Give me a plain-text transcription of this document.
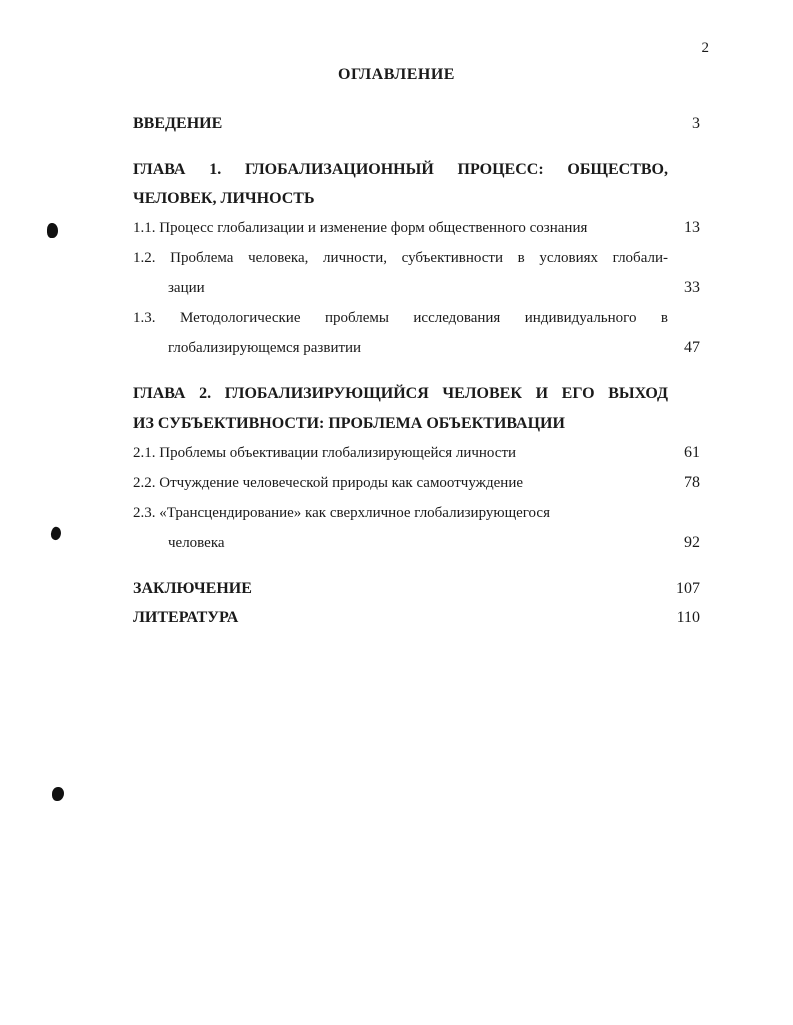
2
ОГЛАВЛЕНИЕ
ВВЕДЕНИЕ	3
ГЛАВА 1. ГЛОБАЛИЗАЦИОННЫЙ ПРОЦЕСС: ОБЩЕСТВО,
ЧЕЛОВЕК, ЛИЧНОСТЬ
1.1. Процесс глобализации и изменение форм общественного сознания	13
1.2. Проблема человека, личности, субъективности в условиях глобали-
зации	33
1.3. Методологические проблемы исследования индивидуального в
глобализирующемся развитии	47
ГЛАВА 2. ГЛОБАЛИЗИРУЮЩИЙСЯ ЧЕЛОВЕК И ЕГО ВЫХОД
ИЗ СУБЪЕКТИВНОСТИ: ПРОБЛЕМА ОБЪЕКТИВАЦИИ
2.1. Проблемы объективации глобализирующейся личности	61
2.2. Отчуждение человеческой природы как самоотчуждение	78
2.3. «Трансцендирование» как сверхличное глобализирующегося
человека	92
ЗАКЛЮЧЕНИЕ	107
ЛИТЕРАТУРА	110
